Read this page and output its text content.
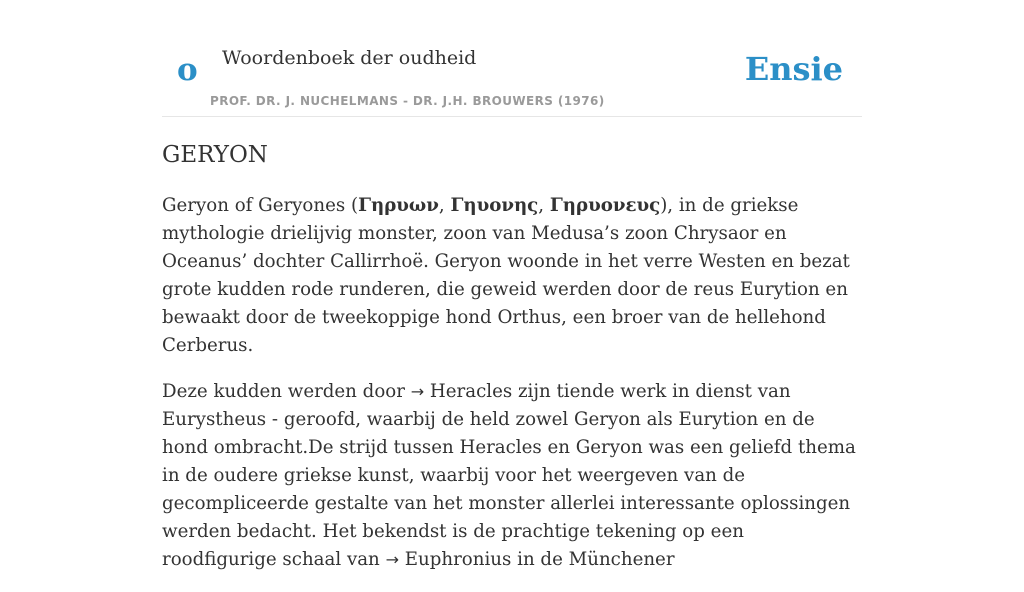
o Woordenboek der oudheid
PROF. DR. J. NUCHELMANS - DR. J.H. BROUWERS (1976)
Ensie
GERYON

Geryon of Geryones (Γηρυων, Γηυονης, Γηρυονευς), in de griekse mythologie drielijvig monster, zoon van Medusa’s zoon Chrysaor en Oceanus’ dochter Callirrhoë. Geryon woonde in het verre Westen en bezat grote kudden rode runderen, die geweid werden door de reus Eurytion en bewaakt door de tweekoppige hond Orthus, een broer van de hellehond Cerberus.

Deze kudden werden door → Heracles zijn tiende werk in dienst van Eurystheus - geroofd, waarbij de held zowel Geryon als Eurytion en de hond ombracht.De strijd tussen Heracles en Geryon was een geliefd thema in de oudere griekse kunst, waarbij voor het weergeven van de gecompliceerde gestalte van het monster allerlei interessante oplossingen werden bedacht. Het bekendst is de prachtige tekening op een roodfigurige schaal van → Euphronius in de Münchener
